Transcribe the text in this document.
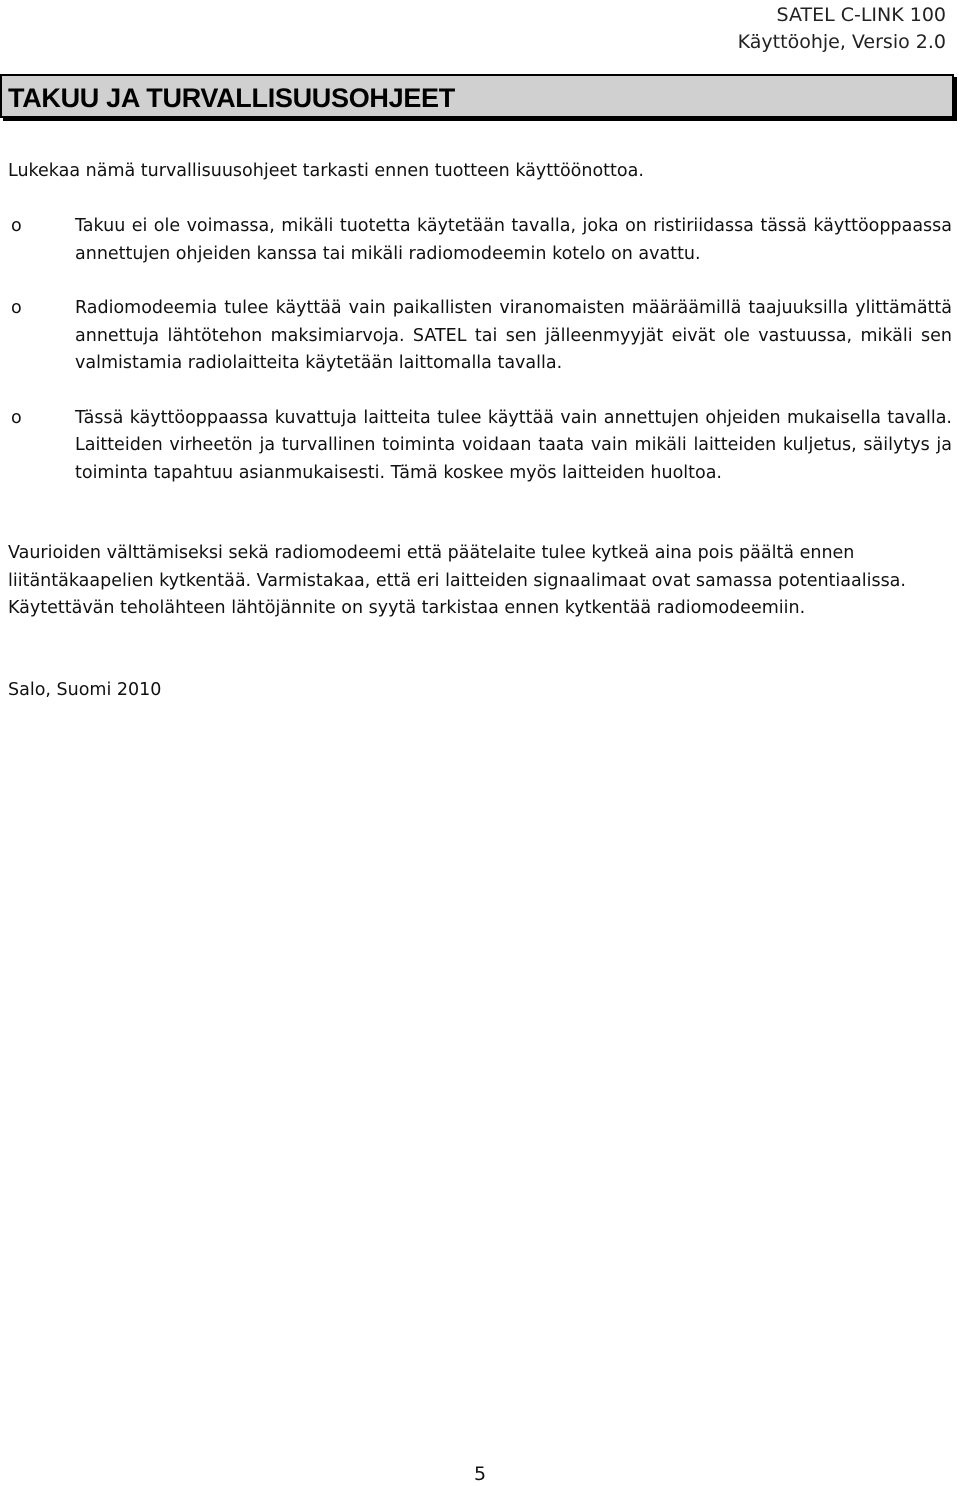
SATEL C-LINK 100
Käyttöohje, Versio 2.0
TAKUU JA TURVALLISUUSOHJEET
Lukekaa nämä turvallisuusohjeet tarkasti ennen tuotteen käyttöönottoa.
o	Takuu ei ole voimassa, mikäli tuotetta käytetään tavalla, joka on ristiriidassa tässä käyttöoppaassa annettujen ohjeiden kanssa tai mikäli radiomodeemin kotelo on avattu.
o	Radiomodeemia tulee käyttää vain paikallisten viranomaisten määräämillä taajuuksilla ylittämättä annettuja lähtötehon maksimiarvoja. SATEL tai sen jälleenmyyjät eivät ole vastuussa, mikäli sen valmistamia radiolaitteita käytetään laittomalla tavalla.
o	Tässä käyttöoppaassa kuvattuja laitteita tulee käyttää vain annettujen ohjeiden mukaisella tavalla. Laitteiden virheetön ja turvallinen toiminta voidaan taata vain mikäli laitteiden kuljetus, säilytys ja toiminta tapahtuu asianmukaisesti. Tämä koskee myös laitteiden huoltoa.
Vaurioiden välttämiseksi sekä radiomodeemi että päätelaite tulee kytkeä aina pois päältä ennen liitäntäkaapelien kytkentää. Varmistakaa, että eri laitteiden signaalimaat ovat samassa potentiaalissa. Käytettävän teholähteen lähtöjännite on syytä tarkistaa ennen kytkentää radiomodeemiin.
Salo, Suomi 2010
5
